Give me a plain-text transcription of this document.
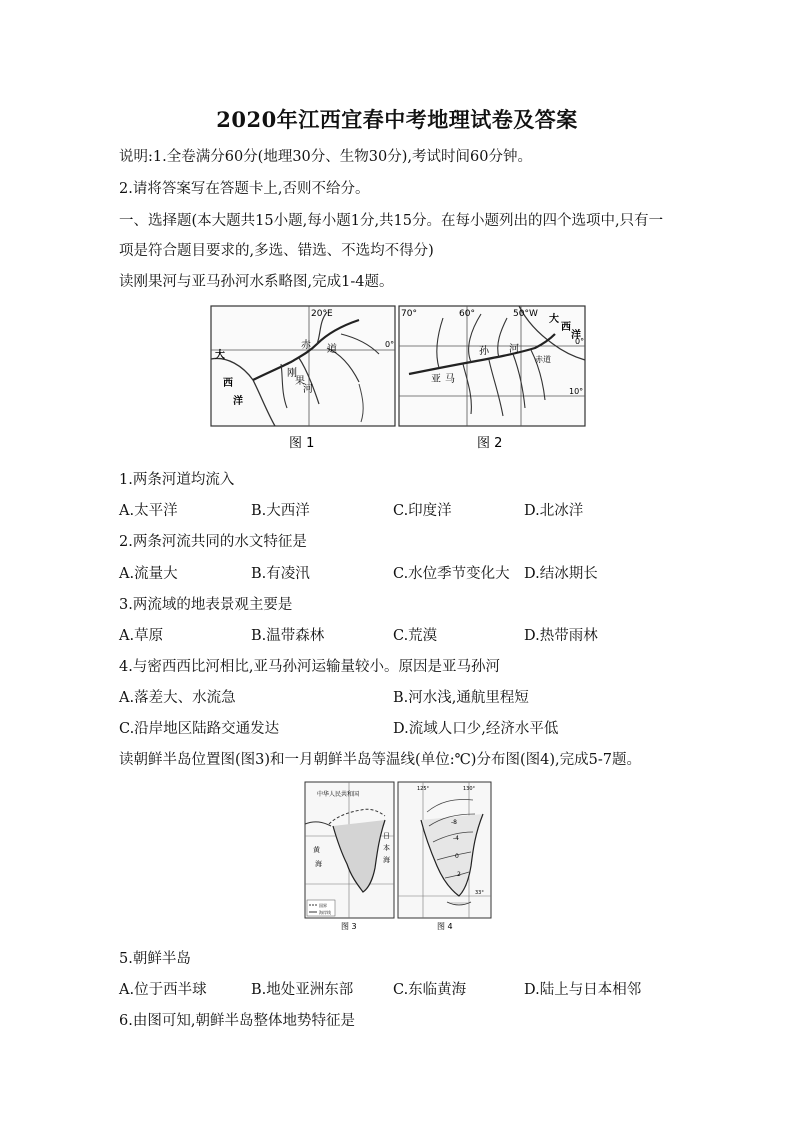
2020年江西宜春中考地理试卷及答案
说明:1.全卷满分60分(地理30分、生物30分),考试时间60分钟。
2.请将答案写在答题卡上,否则不给分。
一、选择题(本大题共15小题,每小题1分,共15分。在每小题列出的四个选项中,只有一
项是符合题目要求的,多选、错选、不选均不得分)
读刚果河与亚马孙河水系略图,完成1-4题。
20°E
0°
赤 道
刚
果
河
大
西
洋
70°	60°	50°W
0°
10°
大
西
洋
亚 马
孙 河
赤道
图 1	图 2
1.两条河道均流入
A.太平洋	B.大西洋	C.印度洋	D.北冰洋
2.两条河流共同的水文特征是
A.流量大	B.有凌汛	C.水位季节变化大 D.结冰期长
3.两流域的地表景观主要是
A.草原	B.温带森林	C.荒漠	D.热带雨林
4.与密西西比河相比,亚马孙河运输量较小。原因是亚马孙河
A.落差大、水流急	B.河水浅,通航里程短
C.沿岸地区陆路交通发达	D.流域人口少,经济水平低
读朝鲜半岛位置图(图3)和一月朝鲜半岛等温线(单位:℃)分布图(图4),完成5-7题。
中华人民共和国
黄
海
日
本
海
国界
海岸线
125°	130°
-8
-4
0
2
33°
图 3	图 4
5.朝鲜半岛
A.位于西半球	B.地处亚洲东部	C.东临黄海	D.陆上与日本相邻
6.由图可知,朝鲜半岛整体地势特征是
